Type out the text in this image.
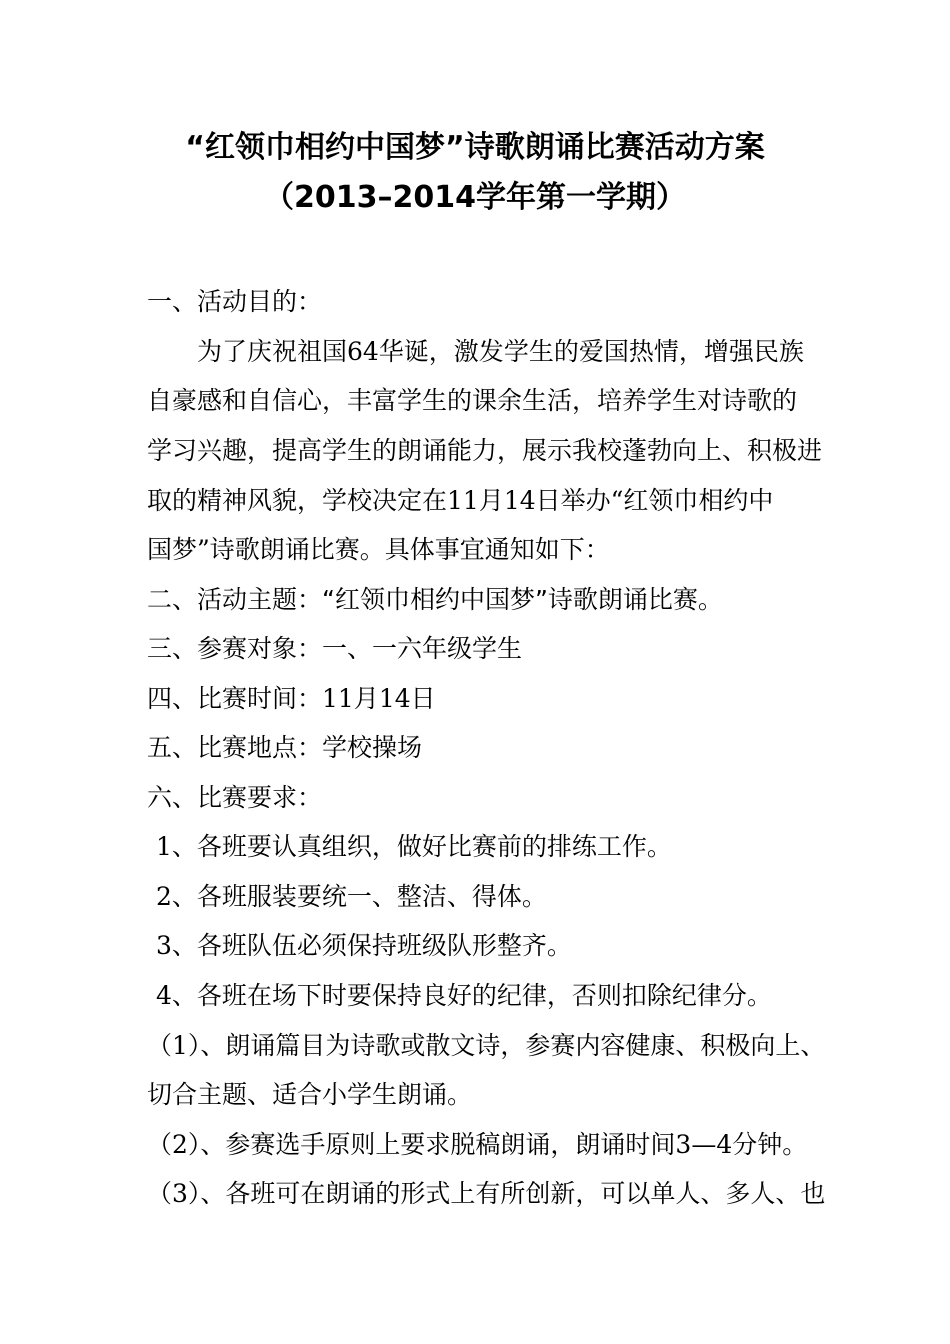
“红领巾相约中国梦”诗歌朗诵比赛活动方案
（2013–2014学年第一学期）
一、活动目的：
为了庆祝祖国64华诞，激发学生的爱国热情，增强民族
自豪感和自信心，丰富学生的课余生活，培养学生对诗歌的
学习兴趣，提高学生的朗诵能力，展示我校蓬勃向上、积极进
取的精神风貌，学校决定在11月14日举办“红领巾相约中
国梦”诗歌朗诵比赛。具体事宜通知如下：
二、活动主题：“红领巾相约中国梦”诗歌朗诵比赛。
三、参赛对象：一、一六年级学生
四、比赛时间：11月14日
五、比赛地点：学校操场
六、比赛要求：
1、各班要认真组织，做好比赛前的排练工作。
2、各班服装要统一、整洁、得体。
3、各班队伍必须保持班级队形整齐。
4、各班在场下时要保持良好的纪律，否则扣除纪律分。
（1）、朗诵篇目为诗歌或散文诗，参赛内容健康、积极向上、
切合主题、适合小学生朗诵。
（2）、参赛选手原则上要求脱稿朗诵，朗诵时间3—4分钟。
（3）、各班可在朗诵的形式上有所创新，可以单人、多人、也
